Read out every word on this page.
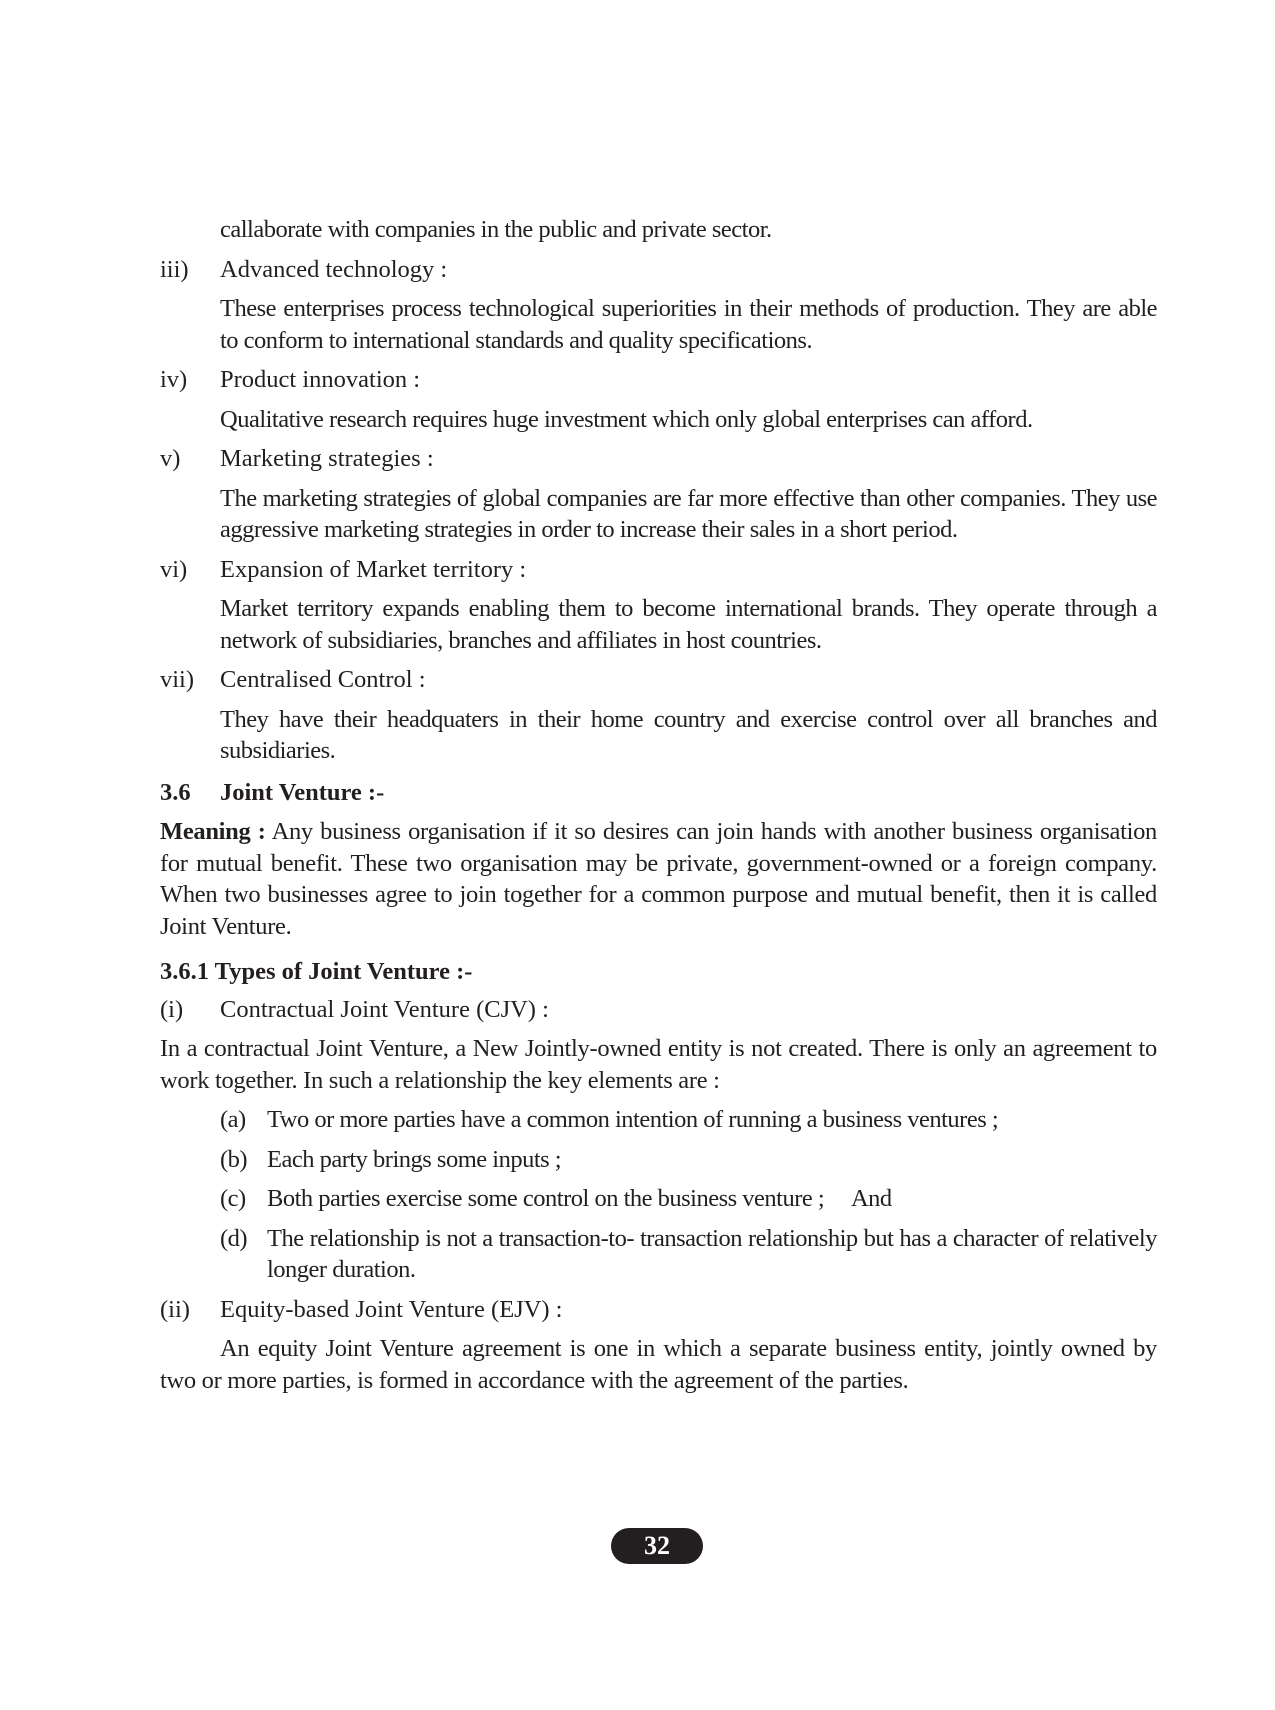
callaborate with companies in the public and private sector.

iii)	Advanced technology :

These enterprises process technological superiorities in their methods of production. They are able to conform to international standards and quality specifications.

iv)	Product innovation :

Qualitative research requires huge investment which only global enterprises can afford.

v)	Marketing strategies :

The marketing strategies of global companies are far more effective than other companies. They use aggressive marketing strategies in order to increase their sales in a short period.

vi)	Expansion of Market territory :

Market territory expands enabling them to become international brands. They operate through a network of subsidiaries, branches and affiliates in host countries.

vii)	Centralised Control :

They have their headquaters in their home country and exercise control over all branches and subsidiaries.

3.6	Joint Venture :-

Meaning : Any business organisation if it so desires can join hands with another business organisation for mutual benefit. These two organisation may be private, government-owned or a foreign company. When two businesses agree to join together for a common purpose and mutual benefit, then it is called Joint Venture.

3.6.1 Types of Joint Venture :-
(i)	Contractual Joint Venture (CJV) :

In a contractual Joint Venture, a New Jointly-owned entity is not created. There is only an agreement to work together. In such a relationship the key elements are :

(a) Two or more parties have a common intention of running a business ventures ;
(b) Each party brings some inputs ;
(c) Both parties exercise some control on the business venture ;     And
(d) The relationship is not a transaction-to- transaction relationship but has a character of relatively longer duration.
(ii)	Equity-based Joint Venture (EJV) :

An equity Joint Venture agreement is one in which a separate business entity, jointly owned by two or more parties, is formed in accordance with the agreement of the parties.

32
